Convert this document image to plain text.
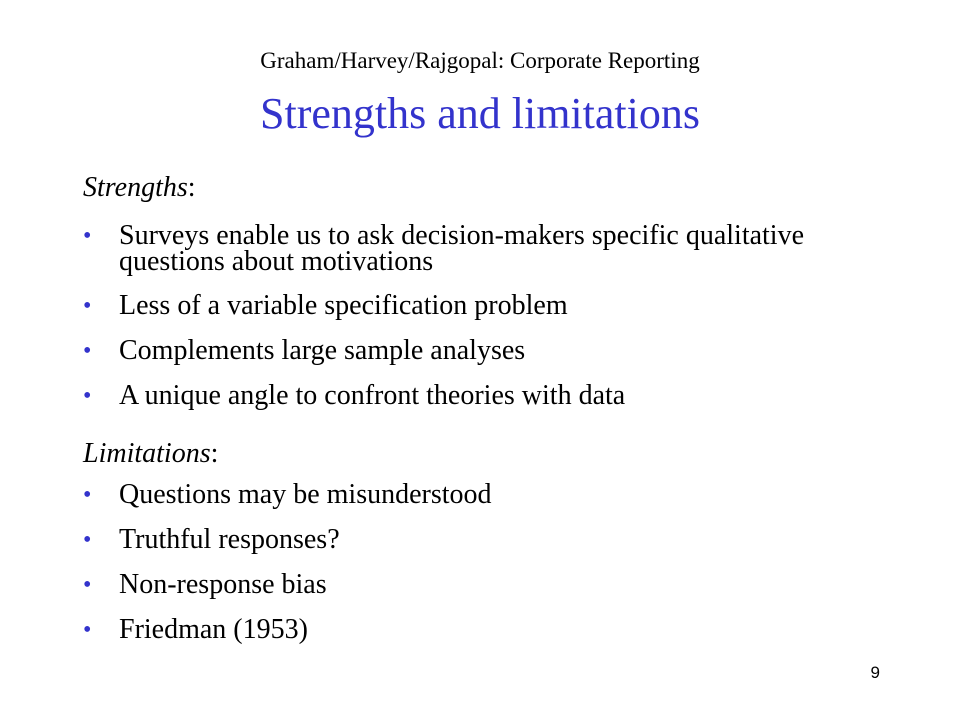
Graham/Harvey/Rajgopal: Corporate Reporting
Strengths and limitations
Strengths:
• Surveys enable us to ask decision-makers specific qualitative questions about motivations
• Less of a variable specification problem
• Complements large sample analyses
• A unique angle to confront theories with data
Limitations:
• Questions may be misunderstood
• Truthful responses?
• Non-response bias
• Friedman (1953)
9
